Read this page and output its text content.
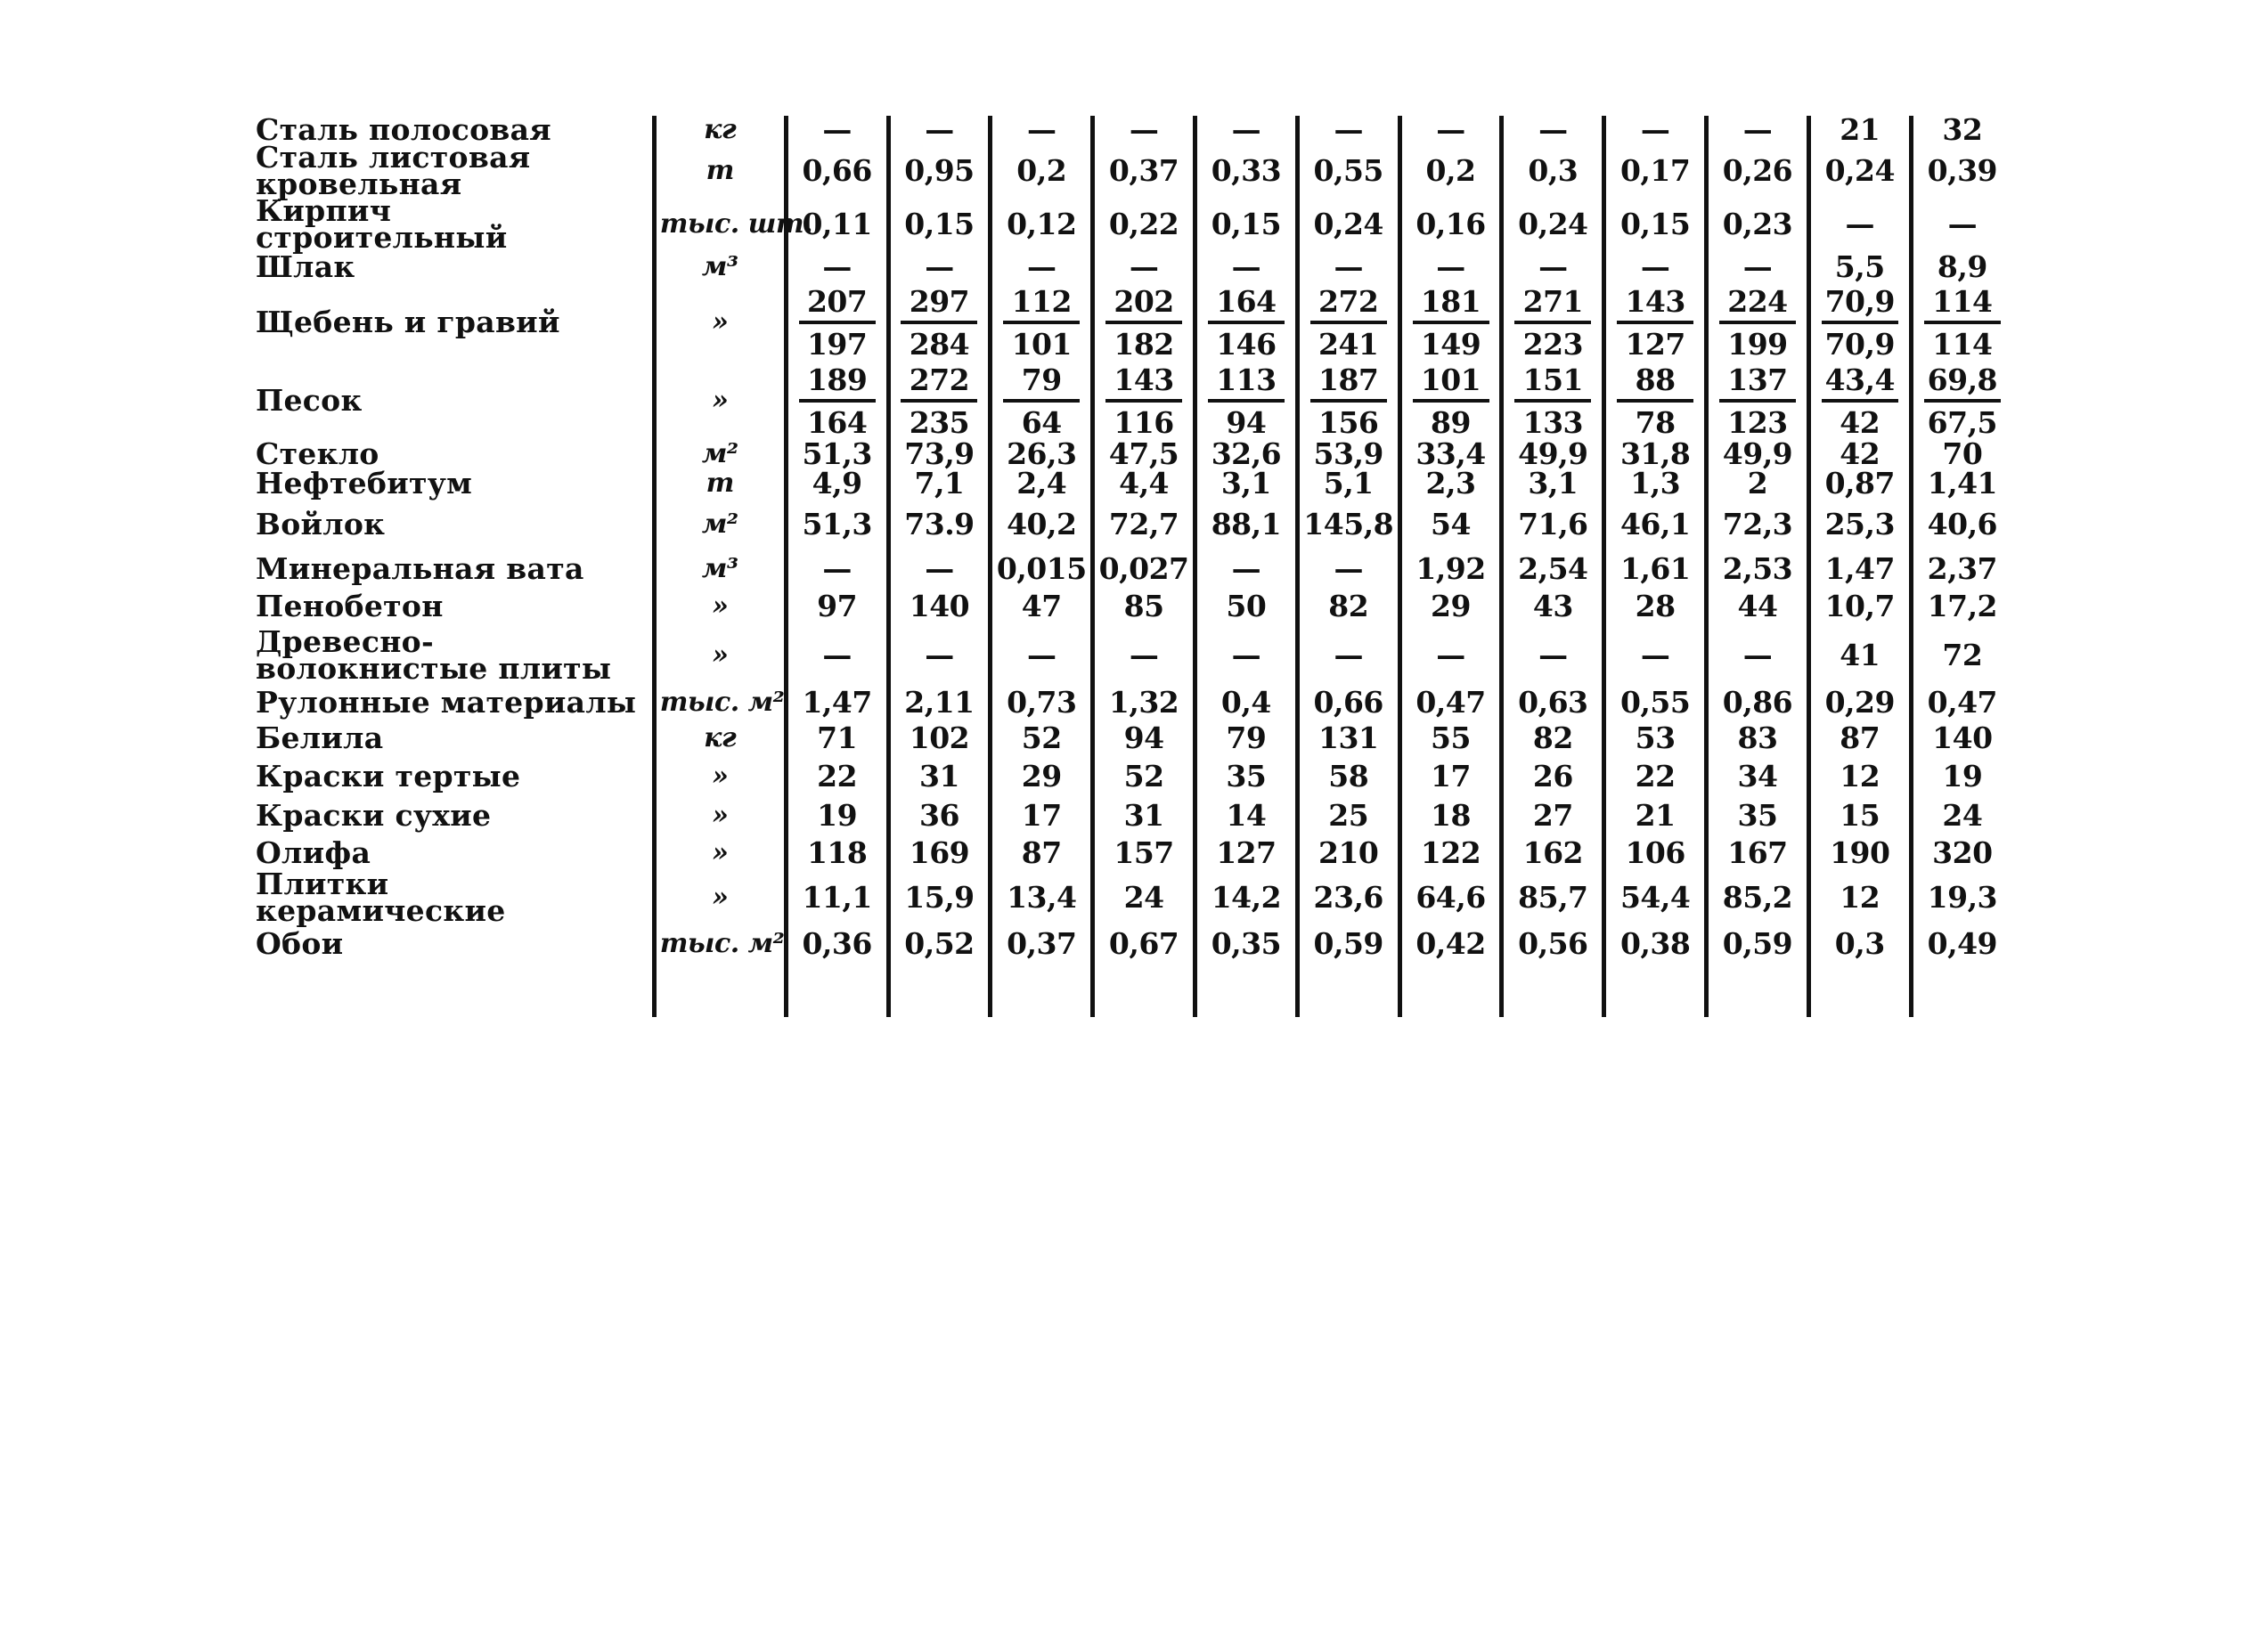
Сталь полосовая	кг	—	—	—	—	—	—	—	—	—	—	21	32
Сталь листовая кровельная	т	0,66	0,95	0,2	0,37	0,33	0,55	0,2	0,3	0,17	0,26	0,24	0,39
Кирпич строительный	тыс. шт.	0,11	0,15	0,12	0,22	0,15	0,24	0,16	0,24	0,15	0,23	—	—
Шлак	м³	—	—	—	—	—	—	—	—	—	—	5,5	8,9
Щебень и гравий	»	$\frac{207}{197}$	$\frac{297}{284}$	$\frac{112}{101}$	$\frac{202}{182}$	$\frac{164}{146}$	$\frac{272}{241}$	$\frac{181}{149}$	$\frac{271}{223}$	$\frac{143}{127}$	$\frac{224}{199}$	$\frac{70,9}{70,9}$	$\frac{114}{114}$

Песок	»	$\frac{189}{164}$	$\frac{272}{235}$	$\frac{79}{64}$	$\frac{143}{116}$	$\frac{113}{94}$	$\frac{187}{156}$	$\frac{101}{89}$	$\frac{151}{133}$	$\frac{88}{78}$	$\frac{137}{123}$	$\frac{43,4}{42}$	$\frac{69,8}{67,5}$

Стекло	м²	51,3	73,9	26,3	47,5	32,6	53,9	33,4	49,9	31,8	49,9	42	70
Нефтебитум	т	4,9	7,1	2,4	4,4	3,1	5,1	2,3	3,1	1,3	2	0,87	1,41
Войлок	м²	51,3	73.9	40,2	72,7	88,1	145,8	54	71,6	46,1	72,3	25,3	40,6
Минеральная вата	м³	—	—	0,015	0,027	—	—	1,92	2,54	1,61	2,53	1,47	2,37
Пенобетон	»	97	140	47	85	50	82	29	43	28	44	10,7	17,2
Древесно-волокнистые плиты	»	—	—	—	—	—	—	—	—	—	—	41	72
Рулонные материалы	тыс. м²	1,47	2,11	0,73	1,32	0,4	0,66	0,47	0,63	0,55	0,86	0,29	0,47
Белила	кг	71	102	52	94	79	131	55	82	53	83	87	140
Краски тертые	»	22	31	29	52	35	58	17	26	22	34	12	19
Краски сухие	»	19	36	17	31	14	25	18	27	21	35	15	24
Олифа	»	118	169	87	157	127	210	122	162	106	167	190	320
Плитки керамические	»	11,1	15,9	13,4	24	14,2	23,6	64,6	85,7	54,4	85,2	12	19,3
Обои	тыс. м²	0,36	0,52	0,37	0,67	0,35	0,59	0,42	0,56	0,38	0,59	0,3	0,49
